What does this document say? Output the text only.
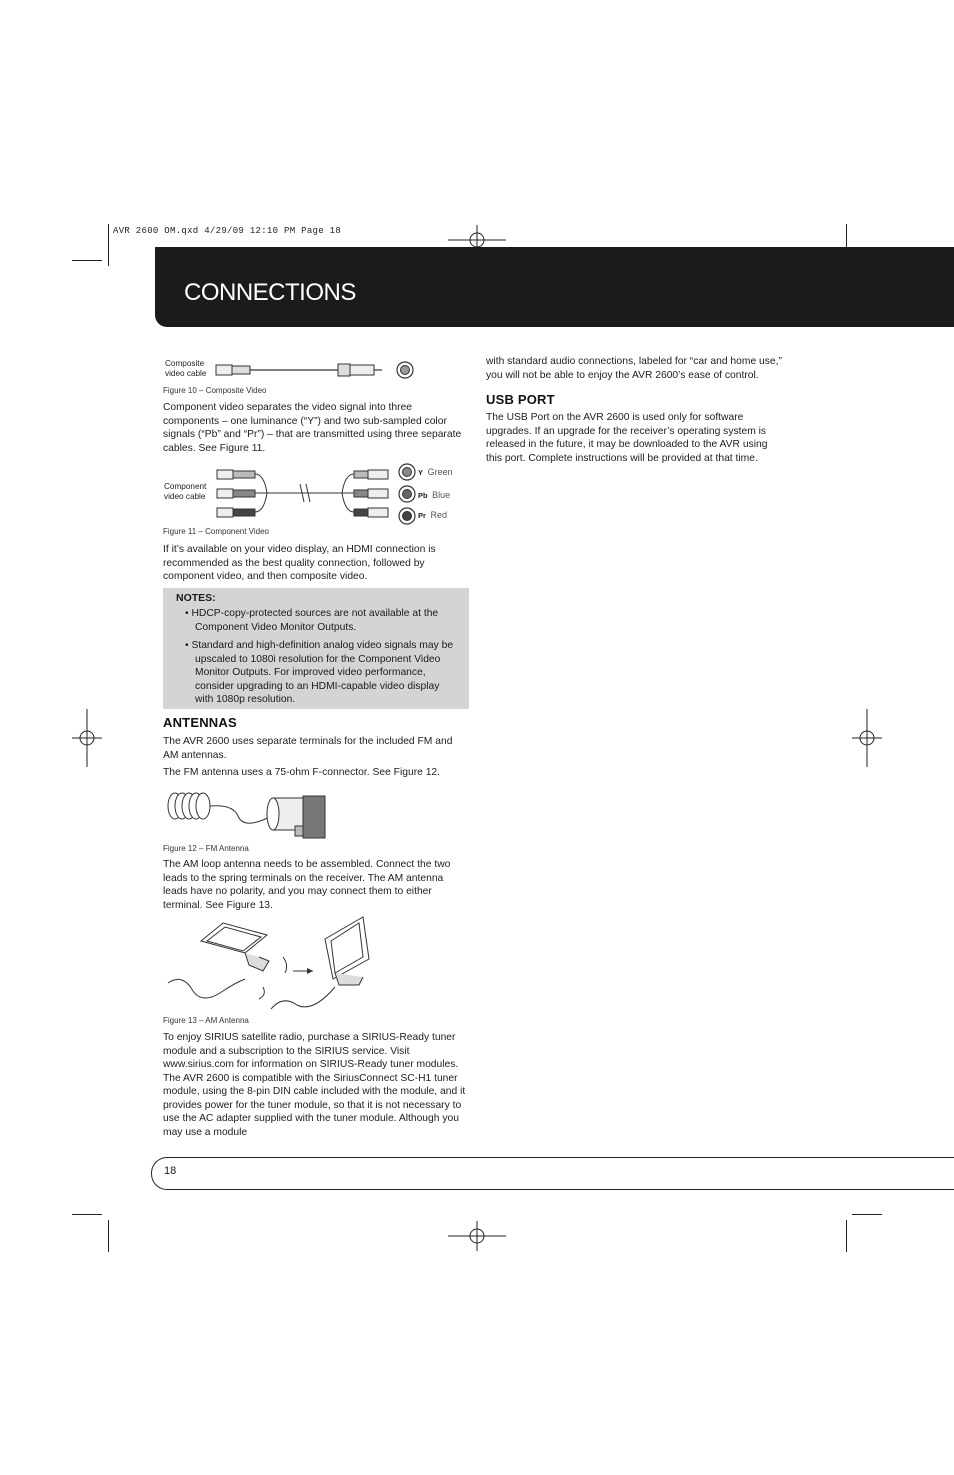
AVR 2600 OM.qxd 4/29/09 12:10 PM Page 18
CONNECTIONS
Composite
video cable
Figure 10 – Composite Video
Component video separates the video signal into three components – one luminance (“Y”) and two sub-sampled color signals (“Pb” and “Pr”) – that are transmitted using three separate cables. See Figure 11.
Component
video cable
Y Green
Pb Blue
Pr Red
Figure 11 – Component Video
If it’s available on your video display, an HDMI connection is recommended as the best quality connection, followed by component video, and then composite video.
NOTES:
• HDCP-copy-protected sources are not available at the Component Video Monitor Outputs.
• Standard and high-definition analog video signals may be upscaled to 1080i resolution for the Component Video Monitor Outputs. For improved video performance, consider upgrading to an HDMI-capable video display with 1080p resolution.
ANTENNAS
The AVR 2600 uses separate terminals for the included FM and AM antennas.
The FM antenna uses a 75-ohm F-connector. See Figure 12.
Figure 12 – FM Antenna
The AM loop antenna needs to be assembled. Connect the two leads to the spring terminals on the receiver. The AM antenna leads have no polarity, and you may connect them to either terminal. See Figure 13.
Figure 13 – AM Antenna
To enjoy SIRIUS satellite radio, purchase a SIRIUS-Ready tuner module and a subscription to the SIRIUS service. Visit www.sirius.com for information on SIRIUS-Ready tuner modules. The AVR 2600 is compatible with the SiriusConnect SC-H1 tuner module, using the 8-pin DIN cable included with the module, and it provides power for the tuner module, so that it is not necessary to use the AC adapter supplied with the tuner module. Although you may use a module
with standard audio connections, labeled for “car and home use,” you will not be able to enjoy the AVR 2600’s ease of control.
USB PORT
The USB Port on the AVR 2600 is used only for software upgrades. If an upgrade for the receiver’s operating system is released in the future, it may be downloaded to the AVR using this port. Complete instructions will be provided at that time.
18
